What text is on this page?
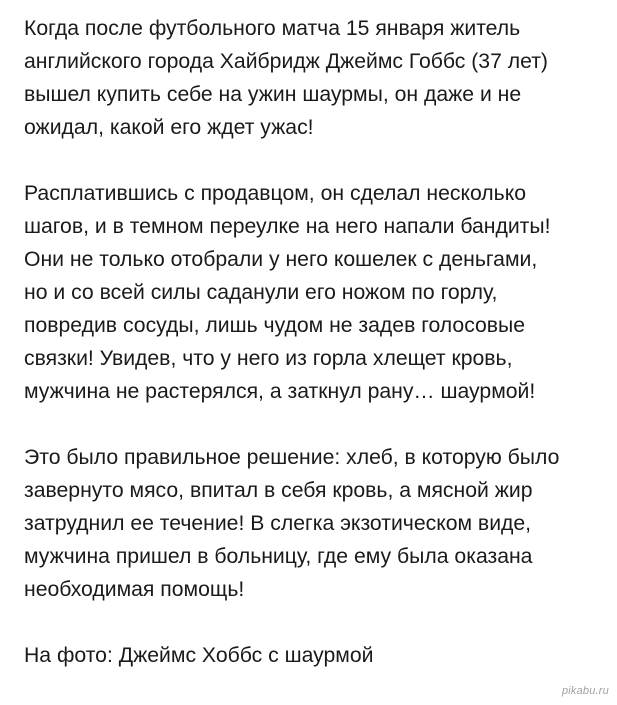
Когда после футбольного матча 15 января житель
английского города Хайбридж Джеймс Гоббс (37 лет)
вышел купить себе на ужин шаурмы, он даже и не
ожидал, какой его ждет ужас!

Расплатившись с продавцом, он сделал несколько
шагов, и в темном переулке на него напали бандиты!
Они не только отобрали у него кошелек с деньгами,
но и со всей силы саданули его ножом по горлу,
повредив сосуды, лишь чудом не задев голосовые
связки! Увидев, что у него из горла хлещет кровь,
мужчина не растерялся, а заткнул рану… шаурмой!

Это было правильное решение: хлеб, в которую было
завернуто мясо, впитал в себя кровь, а мясной жир
затруднил ее течение! В слегка экзотическом виде,
мужчина пришел в больницу, где ему была оказана
необходимая помощь!

На фото: Джеймс Хоббс с шаурмой

pikabu.ru
